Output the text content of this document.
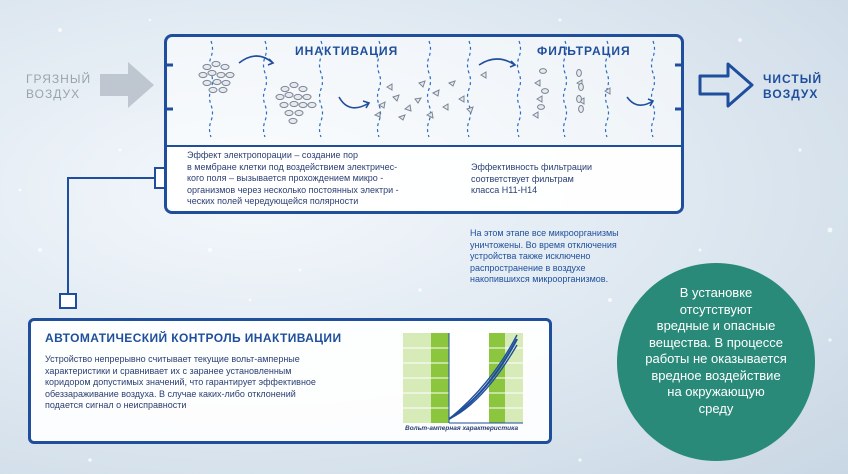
ГРЯЗНЫЙ
ВОЗДУХ
ЧИСТЫЙ
ВОЗДУХ
ИНАКТИВАЦИЯ	ФИЛЬТРАЦИЯ
Эффект электропорации – создание пор
в мембране клетки под воздействием электричес-
кого поля – вызывается прохождением микро -
организмов через несколько постоянных электри -
ческих полей чередующейся полярности
Эффективность фильтрации
соответствует фильтрам
класса H11-H14
На этом этапе все микроорганизмы
уничтожены. Во время отключения
устройства также исключено
распространение в воздухе
накопившихся микроорганизмов.
АВТОМАТИЧЕСКИЙ КОНТРОЛЬ ИНАКТИВАЦИИ
Устройство непрерывно считывает текущие вольт-амперные
характеристики и сравнивает их с заранее установленным
коридором допустимых значений, что гарантирует эффективное
обеззараживание воздуха. В случае каких-либо отклонений
подается сигнал о неисправности
Вольт-амперная характеристика
В установке
отсутствуют
вредные и опасные
вещества. В процессе
работы не оказывается
вредное воздействие
на окружающую
среду
